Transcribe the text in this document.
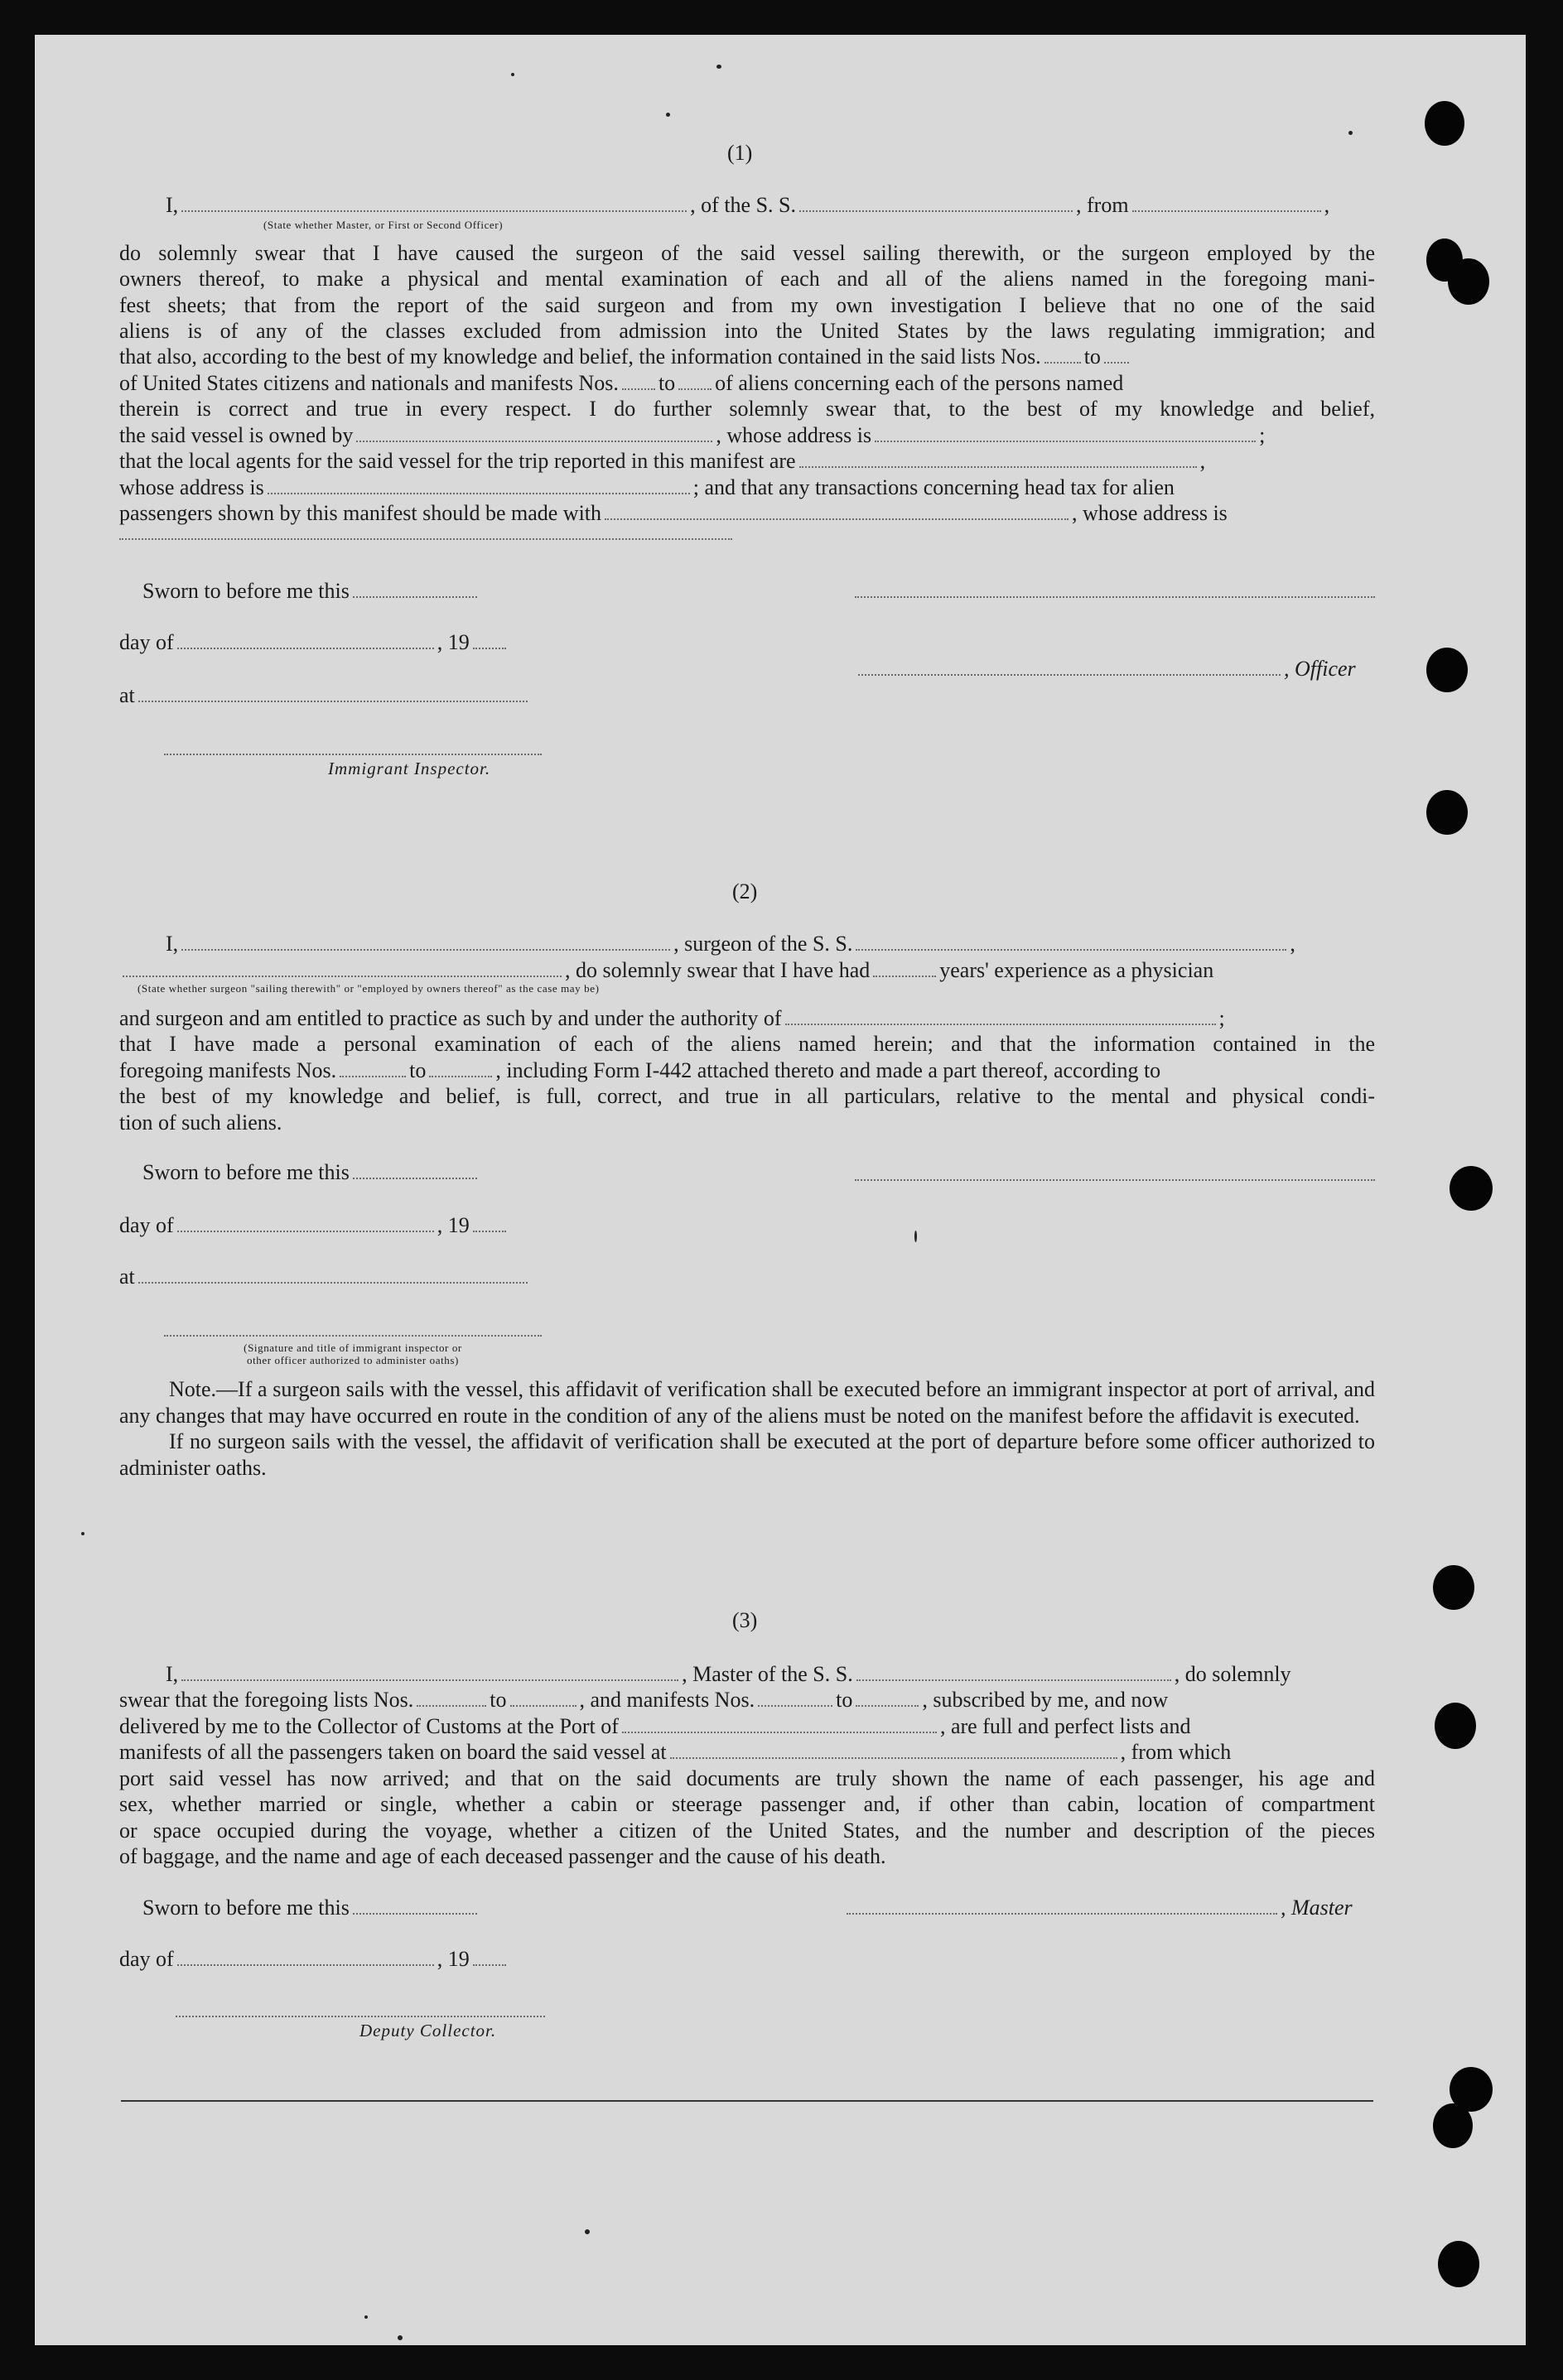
(1)
I,	, of the S. S.	, from	,
(State whether Master, or First or Second Officer)
do solemnly swear that I have caused the surgeon of the said vessel sailing therewith, or the surgeon employed by the
owners thereof, to make a physical and mental examination of each and all of the aliens named in the foregoing mani-
fest sheets; that from the report of the said surgeon and from my own investigation I believe that no one of the said
aliens is of any of the classes excluded from admission into the United States by the laws regulating immigration; and
that also, according to the best of my knowledge and belief, the information contained in the said lists Nos. to
of United States citizens and nationals and manifests Nos. to of aliens concerning each of the persons named
therein is correct and true in every respect. I do further solemnly swear that, to the best of my knowledge and belief,
the said vessel is owned by	, whose address is	;
that the local agents for the said vessel for the trip reported in this manifest are	,
whose address is	; and that any transactions concerning head tax for alien
passengers shown by this manifest should be made with	, whose address is
Sworn to before me this
day of	, 19
, Officer
at
Immigrant Inspector.
(2)
I,	, surgeon of the S. S.	,
, do solemnly swear that I have had	years' experience as a physician
(State whether surgeon "sailing therewith" or "employed by owners thereof" as the case may be)
and surgeon and am entitled to practice as such by and under the authority of	;
that I have made a personal examination of each of the aliens named herein; and that the information contained in the
foregoing manifests Nos.	to	, including Form I-442 attached thereto and made a part thereof, according to
the best of my knowledge and belief, is full, correct, and true in all particulars, relative to the mental and physical condi-
tion of such aliens.
Sworn to before me this
day of	, 19
at
(Signature and title of immigrant inspector or
other officer authorized to administer oaths)

Note.—If a surgeon sails with the vessel, this affidavit of verification shall be executed before an immigrant inspector at port of arrival, and any changes that may have occurred en route in the condition of any of the aliens must be noted on the manifest before the affidavit is executed.

If no surgeon sails with the vessel, the affidavit of verification shall be executed at the port of departure before some officer authorized to administer oaths.

(3)
I,	, Master of the S. S.	, do solemnly
swear that the foregoing lists Nos.	to	, and manifests Nos.	to	, subscribed by me, and now
delivered by me to the Collector of Customs at the Port of	, are full and perfect lists and
manifests of all the passengers taken on board the said vessel at	, from which
port said vessel has now arrived; and that on the said documents are truly shown the name of each passenger, his age and
sex, whether married or single, whether a cabin or steerage passenger and, if other than cabin, location of compartment
or space occupied during the voyage, whether a citizen of the United States, and the number and description of the pieces
of baggage, and the name and age of each deceased passenger and the cause of his death.
Sworn to before me this	, Master
day of	, 19
Deputy Collector.
